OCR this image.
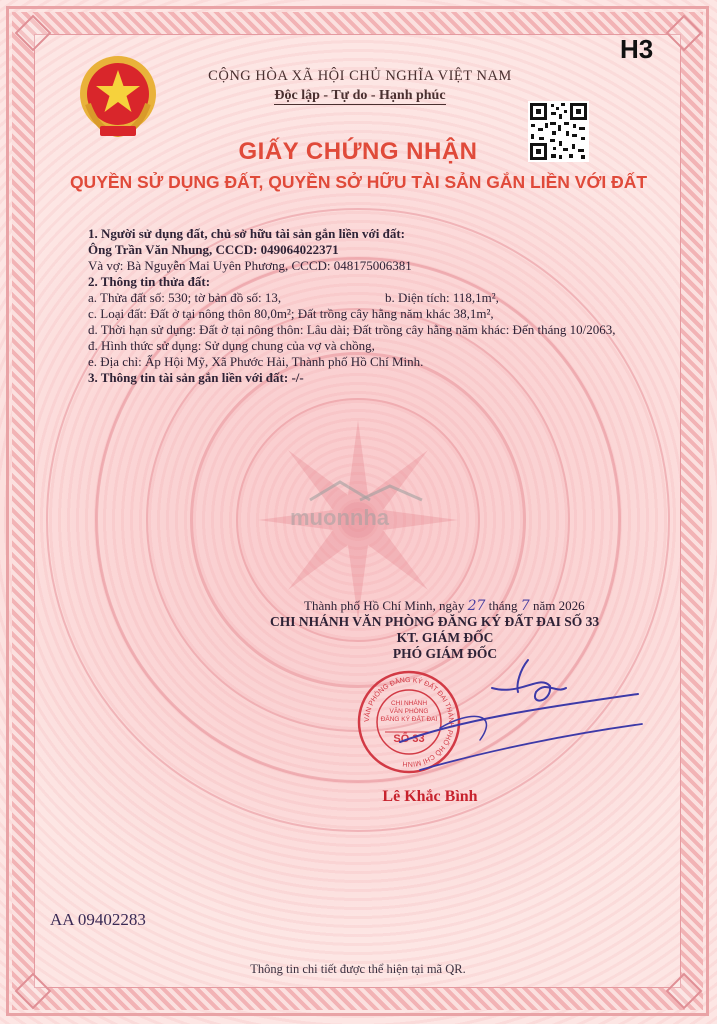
H3
CỘNG HÒA XÃ HỘI CHỦ NGHĨA VIỆT NAM
Độc lập - Tự do - Hạnh phúc
GIẤY CHỨNG NHẬN
QUYỀN SỬ DỤNG ĐẤT, QUYỀN SỞ HỮU TÀI SẢN GẮN LIỀN VỚI ĐẤT
1. Người sử dụng đất, chủ sở hữu tài sản gắn liền với đất:
Ông Trần Văn Nhung, CCCD: 049064022371
Và vợ: Bà Nguyễn Mai Uyên Phương, CCCD: 048175006381
2. Thông tin thửa đất:
a. Thửa đất số: 530; tờ bản đồ số: 13,	b. Diện tích: 118,1m²,
c. Loại đất: Đất ở tại nông thôn 80,0m²; Đất trồng cây hằng năm khác 38,1m²,
d. Thời hạn sử dụng: Đất ở tại nông thôn: Lâu dài; Đất trồng cây hằng năm khác: Đến tháng 10/2063,
đ. Hình thức sử dụng: Sử dụng chung của vợ và chồng,
e. Địa chỉ: Ấp Hội Mỹ, Xã Phước Hải, Thành phố Hồ Chí Minh.
3. Thông tin tài sản gắn liền với đất: -/-
muonnha
Thành phố Hồ Chí Minh, ngày 27 tháng 7 năm 2026
CHI NHÁNH VĂN PHÒNG ĐĂNG KÝ ĐẤT ĐAI SỐ 33
KT. GIÁM ĐỐC
PHÓ GIÁM ĐỐC
VĂN PHÒNG ĐĂNG KÝ ĐẤT ĐAI THÀNH PHỐ HỒ CHÍ MINH
CHI NHÁNH
VĂN PHÒNG
ĐĂNG KÝ ĐẤT ĐAI
SỐ 33
Lê Khắc Bình
AA 09402283
Thông tin chi tiết được thể hiện tại mã QR.
